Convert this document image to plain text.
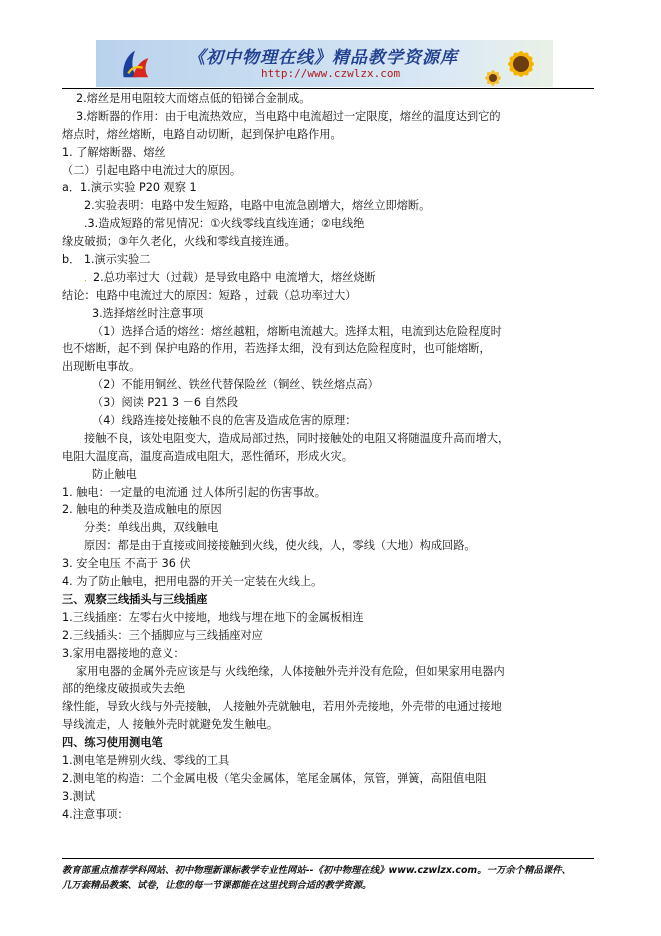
《初中物理在线》精品教学资源库
http://www.czwlzx.com
2.熔丝是用电阻较大而熔点低的铅锑合金制成。
3.熔断器的作用：由于电流热效应，当电路中电流超过一定限度，熔丝的温度达到它的
熔点时，熔丝熔断，电路自动切断，起到保护电路作用。
1. 了解熔断器、熔丝
（二）引起电路中电流过大的原因。
a．1.演示实验 P20 观察 1
2.实验表明：电路中发生短路，电路中电流急剧增大，熔丝立即熔断。
.3.造成短路的常见情况：①火线零线直线连通；②电线绝
缘皮破损；③年久老化，火线和零线直接连通。
b． 1.演示实验二
．2.总功率过大（过载）是导致电路中 电流增大，熔丝烧断
结论：电路中电流过大的原因：短路 ，过载（总功率过大）
3.选择熔丝时注意事项
（1）选择合适的熔丝：熔丝越粗，熔断电流越大。选择太粗，电流到达危险程度时
也不熔断，起不到 保护电路的作用，若选择太细，没有到达危险程度时，也可能熔断，
出现断电事故。
（2）不能用铜丝、铁丝代替保险丝（铜丝、铁丝熔点高）
（3）阅读 P21 3 －6 自然段
（4）线路连接处接触不良的危害及造成危害的原理：
接触不良，该处电阻变大，造成局部过热，同时接触处的电阻又将随温度升高而增大，
电阻大温度高，温度高造成电阻大，恶性循环，形成火灾。
防止触电
1. 触电：一定量的电流通 过人体所引起的伤害事故。
2. 触电的种类及造成触电的原因
分类：单线出典，双线触电
原因：都是由于直接或间接接触到火线，使火线，人，零线（大地）构成回路。
3. 安全电压 不高于 36 伏
4. 为了防止触电，把用电器的开关一定装在火线上。
三、观察三线插头与三线插座
1.三线插座：左零右火中接地，地线与埋在地下的金属板相连
2.三线插头：三个插脚应与三线插座对应
3.家用电器接地的意义：
家用电器的金属外壳应该是与 火线绝缘，人体接触外壳并没有危险，但如果家用电器内
部的绝缘皮破损或失去绝
缘性能，导致火线与外壳接触， 人接触外壳就触电，若用外壳接地，外壳带的电通过接地
导线流走，人 接触外壳时就避免发生触电。
四、练习使用测电笔
1.测电笔是辨别火线、零线的工具
2.测电笔的构造：二个金属电极（笔尖金属体，笔尾金属体，氖管，弹簧，高阻值电阻
3.测试
4.注意事项：
教育部重点推荐学科网站、初中物理新课标教学专业性网站--《初中物理在线》www.czwlzx.com。一万余个精品课件、
几万套精品教案、试卷，让您的每一节课都能在这里找到合适的教学资源。
